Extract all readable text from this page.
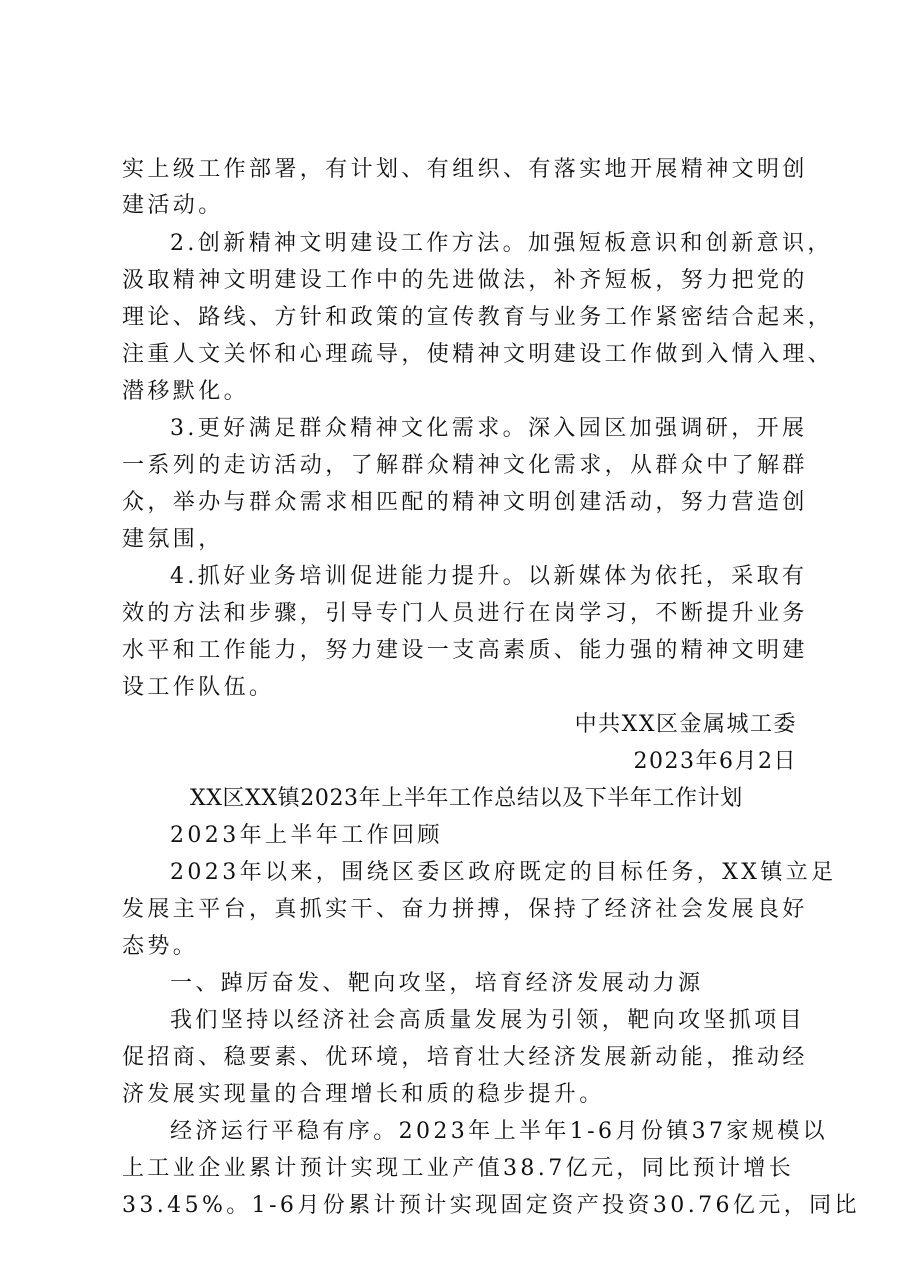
实上级工作部署，有计划、有组织、有落实地开展精神文明创
建活动。
2.创新精神文明建设工作方法。加强短板意识和创新意识，
汲取精神文明建设工作中的先进做法，补齐短板，努力把党的
理论、路线、方针和政策的宣传教育与业务工作紧密结合起来，
注重人文关怀和心理疏导，使精神文明建设工作做到入情入理、
潜移默化。
3.更好满足群众精神文化需求。深入园区加强调研，开展
一系列的走访活动，了解群众精神文化需求，从群众中了解群
众，举办与群众需求相匹配的精神文明创建活动，努力营造创
建氛围，
4.抓好业务培训促进能力提升。以新媒体为依托，采取有
效的方法和步骤，引导专门人员进行在岗学习，不断提升业务
水平和工作能力，努力建设一支高素质、能力强的精神文明建
设工作队伍。
中共XX区金属城工委
2023年6月2日
XX区XX镇2023年上半年工作总结以及下半年工作计划
2023年上半年工作回顾
2023年以来，围绕区委区政府既定的目标任务，XX镇立足
发展主平台，真抓实干、奋力拼搏，保持了经济社会发展良好
态势。
一、踔厉奋发、靶向攻坚，培育经济发展动力源
我们坚持以经济社会高质量发展为引领，靶向攻坚抓项目
促招商、稳要素、优环境，培育壮大经济发展新动能，推动经
济发展实现量的合理增长和质的稳步提升。
经济运行平稳有序。2023年上半年1-6月份镇37家规模以
上工业企业累计预计实现工业产值38.7亿元，同比预计增长
33.45%。1-6月份累计预计实现固定资产投资30.76亿元，同比
